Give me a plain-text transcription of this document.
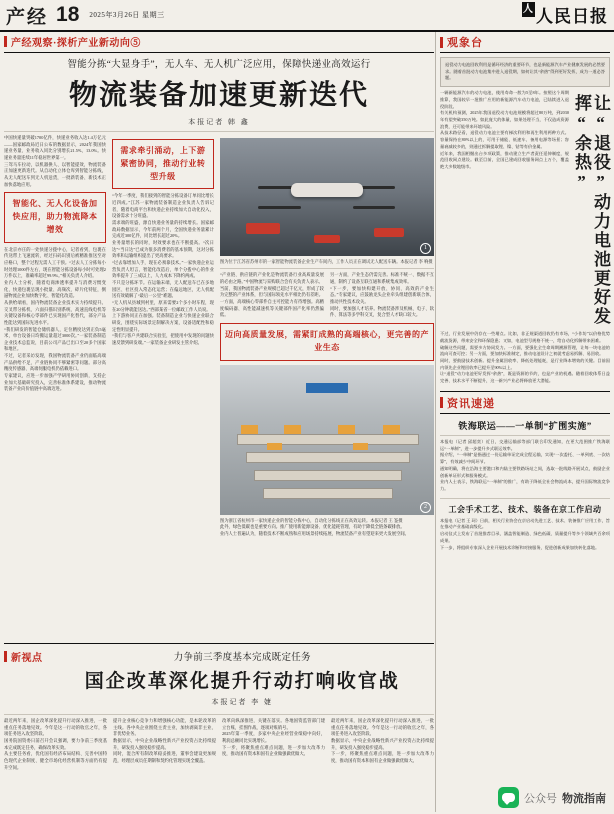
产经 18 2025年3月26日 星期三	人 人民日报
产经观察·探析产业新动向⑤
智能分拣“大显身手”，无人车、无人机广泛应用，保障快递业高效运行
物流装备加速更新迭代
本报记者 韩 鑫
中国快递量突破1700亿件，快递业务收入达1.4万亿元——国家邮政局近日公布的数据显示，2024年我国快递业务量、业务收入同比分别增长21.5%、13.0%。快递业务量连续11年稳居世界第一。
三驾马车拉动，以机器换人、以智能提效，物流装备正加速更新迭代。从自动化立体仓库到智能分拣线，从无人配送车到无人机送货，一批新装备、新技术正加快落地应用。
智能化、无人化设备加快应用，助力物流降本增效
在北京亦庄的一处快递分拨中心，记者看到，包裹在传送带上飞速流转，经过扫码识别后被精准推送至对应格口，整个过程无需人工干预。“过去人工分拣每小时处理1000件左右，现在智能分拣设备每小时可处理2万件以上，准确率超过99.9%。”相关负责人介绍。
业内人士分析，随着电商渗透率提升与消费习惯变化，快递包裹呈现小批量、高频次、碎片化特征，倒逼物流企业加快数字化、智能化改造。
从供给端看，国内物流装备企业技术实力持续提升。交叉带分拣机、六面扫描识别系统、高速直线电机等关键设备和核心零部件已实现国产化替代，部分产品性能达到国际先进水平。
“我们研发的智能仓储机器人，定位精度达到正负5毫米，单台设备日均搬运量超过3000次。”一家装备制造企业技术总监说，目前公司产品已出口至20多个国家和地区。
不过，记者采访发现，我国物流装备产业仍面临高端产品供给不足、产业链协同不够紧密等问题。部分高精度传感器、高端伺服电机仍依赖进口。
专家建议，应进一步加强产学研用协同创新，支持企业加大基础研究投入，完善标准体系建设，推动物流装备产业向价值链中高端迈进。
需求牵引涌动，上下游紧密协同，推动行业转型升级
“今年一季度，我们接到的智能分拣设备订单同比增长近四成。”江苏一家物流装备制造企业负责人告诉记者，随着电商平台和快递企业持续加大自动化投入，设备需求十分旺盛。
需求端的旺盛，源自快递业务量的持续增长。国家邮政局数据显示，今年前两个月，全国快递业务量累计完成近300亿件，同比增长超过20%。
业务量增长的同时，时效要求也在不断提高。“次日达”“当日达”已成为很多消费者的基本预期，这对分拣效率和运输组织提出了更高要求。
“过去靠增加人手，现在必须靠技术。”一家快递企业运营负责人坦言，智能化改造后，单个分拨中心的作业效率提升了三成以上，人力成本下降约两成。
不只是分拣环节。在运输末端，无人配送车已在多地园区、社区投入常态化运营；在偏远地区，无人机配送有效破解了“最后一公里”难题。
“无人机从县城到村里，原来需要2个多小时车程，现在20分钟就能送达。”西部某省一位邮政工作人员说。
上下游协同正在加强。装备制造企业与快递企业联合研发，围绕实际场景定制解决方案，设备适配性和稳定性明显提升。
“我们与客户共建联合实验室，把使用中发现的问题快速反馈到研发端。”一家装备企业研发主管介绍。
1
图为位于江苏省苏州市的一家智能物流装备企业生产车间内，工作人员正在调试无人配送车辆。本报记者 李 响摄
“产业链、供应链的产业化是物流装备行业高质量发展的必由之路。”中国物流与采购联合会有关负责人表示。
当前，我国物流装备产业规模已超过千亿元，形成了较为完整的产业体系，但与国际领先水平相比仍有差距。
一方面，高端核心零部件自主可控能力有待增强。高精度编码器、高性能减速机等关键部件国产化率仍然偏低。
另一方面，产业生态仍需完善。标准不统一、数据不互通，制约了设备互联互通和系统集成效率。
“下一步，要加快构建开放、协同、高效的产业生态。”专家建议，应鼓励龙头企业牵头组建创新联合体，推动共性技术攻关。
同时，要加强人才培养。物流装备涉及机械、电子、软件、算法等多学科交叉，复合型人才缺口较大。
迈向高质量发展，需紧盯成熟的高端核心，更完善的产业生态
2
图为浙江省杭州市一家快递企业的智能分拣中心，自动化分拣线正在高效运转。本报记者 王 崟摄
此外，绿色低碳也是重要方向。推广使用新能源设备、优化能耗管理，有助于降低全链条碳排放。
业内人士普遍认为，随着技术不断成熟和应用场景持续拓展，物流装备产业有望迎来更大发展空间。
新视点	力争前三季度基本完成既定任务
国企改革深化提升行动打响收官战
本报记者 李 婕
最近两年来，国企改革深化提升行动深入推进，一批重点任务落地见效。今年是这一行动的收官之年，各项任务进入攻坚阶段。
国务院国资委日前召开会议强调，要力争前三季度基本完成既定任务，确保改革实效。
从主要任务看，优化国有经济布局结构、完善中国特色现代企业制度、健全市场化经营机制等方面仍有提升空间。
提升企业核心竞争力和增强核心功能，是本轮改革的主线。各中央企业围绕主责主业，加快剥离非主业、非优势业务。
数据显示，中央企业战略性新兴产业投资占比持续提升，研发投入强度稳步提高。
同时，混合所有制改革稳妥推进，董事会建设更加规范，经理层成员任期制和契约化管理实现全覆盖。
改革向纵深推进，关键在落实。各地国资监管部门建立台账，挂图作战，逐项对账销号。
2025年第一季度，多家中央企业经营业绩稳中向好，利润总额同比实现增长。
下一步，将聚焦重点难点问题，进一步加大改革力度，推动国有资本和国有企业做强做优做大。
最近两年来，国企改革深化提升行动深入推进，一批重点任务落地见效。今年是这一行动的收官之年，各项任务进入攻坚阶段。
数据显示，中央企业战略性新兴产业投资占比持续提升，研发投入强度稳步提高。
下一步，将聚焦重点难点问题，进一步加大改革力度，推动国有资本和国有企业做强做优做大。
观象台
退役动力电池回收利用是循环经济的重要环节，也是新能源汽车产业健康发展的必然要求。随着首批动力电池集中进入退役期，如何让其“余热”得到更好发挥，成为一道必答题。
一辆新能源汽车的动力电池，使用寿命一般为5至8年。按照这个周期推算，我国较早一批推广应用的新能源汽车动力电池，已陆续进入退役阶段。
有关机构预测，2025年我国退役动力电池规模将超过80万吨，到2030年有望突破350万吨。如此庞大的体量，如果处理不当，不仅造成资源浪费，还可能带来环境风险。
从技术路径看，退役动力电池主要有梯次利用和再生利用两种方式。容量保持在80%以上的，可用于储能、低速车、备用电源等场景；容量衰减较多的，则通过拆解提取锂、镍、钴等有价金属。
近年来，我国相继出台多项政策，推动建立生产者责任延伸制度，规范回收网点建设。截至目前，全国已建成回收服务网点上万个，覆盖绝大多数地级市。	让“退役”动力电池更好发挥“余热”
不过，行业发展中仍存在一些堵点。比如，非正规渠道回收仍有市场，“小作坊”以价格优势截流货源，带来安全和环保隐患；又如，电池型号规格不统一，给自动化拆解带来困难。
破解这些问题，需要多方协同发力。一方面，要强化全生命周期溯源管理，让每一块电池的流向可查可控；另一方面，要加快标准制定，推动电池设计之初就考虑易拆解、易回收。
同时，要鼓励技术创新。提升金属回收率、降低处理能耗，是行业降本增效的关键。目前国内领先企业锂回收率已提升至90%以上。
让“退役”动力电池更好发挥“余热”，既是资源的节约，也是产业的机遇。随着回收体系日益完善、技术水平不断提升，这一新兴产业必将释放更大潜能。
资讯速递
铁海联运——一单制“扩围实施”
本报电（记者 邱超奕）近日，交通运输部等部门联合印发通知，在更大范围推广铁海联运“一单制”，进一步提升多式联运效率。
据介绍，“一单制”是指通过一份运输单证完成全程运输，实现“一次委托、一单到底、一次结算”，有效减少中间环节。
通知明确，将在沿海主要港口和内陆主要铁路场站之间，选取一批线路开展试点，鼓励企业创新单证形式和服务模式。
业内人士表示，铁海联运“一单制”的推广，有助于降低全社会物流成本，提升国际物流竞争力。
工会手术工艺、技术、装备在京工作启动
本报电（记者 王 珂）日前，相关行业协会在京启动先进工艺、技术、装备推广应用工作，旨在推动产业基础高级化。
启动仪式上发布了首批推荐目录，涵盖智能制造、绿色低碳、质量提升等多个领域共百余项成果。
下一步，将组织专家深入企业开展技术诊断和对接服务，促进创新成果加快转化落地。
公众号 物流指南
